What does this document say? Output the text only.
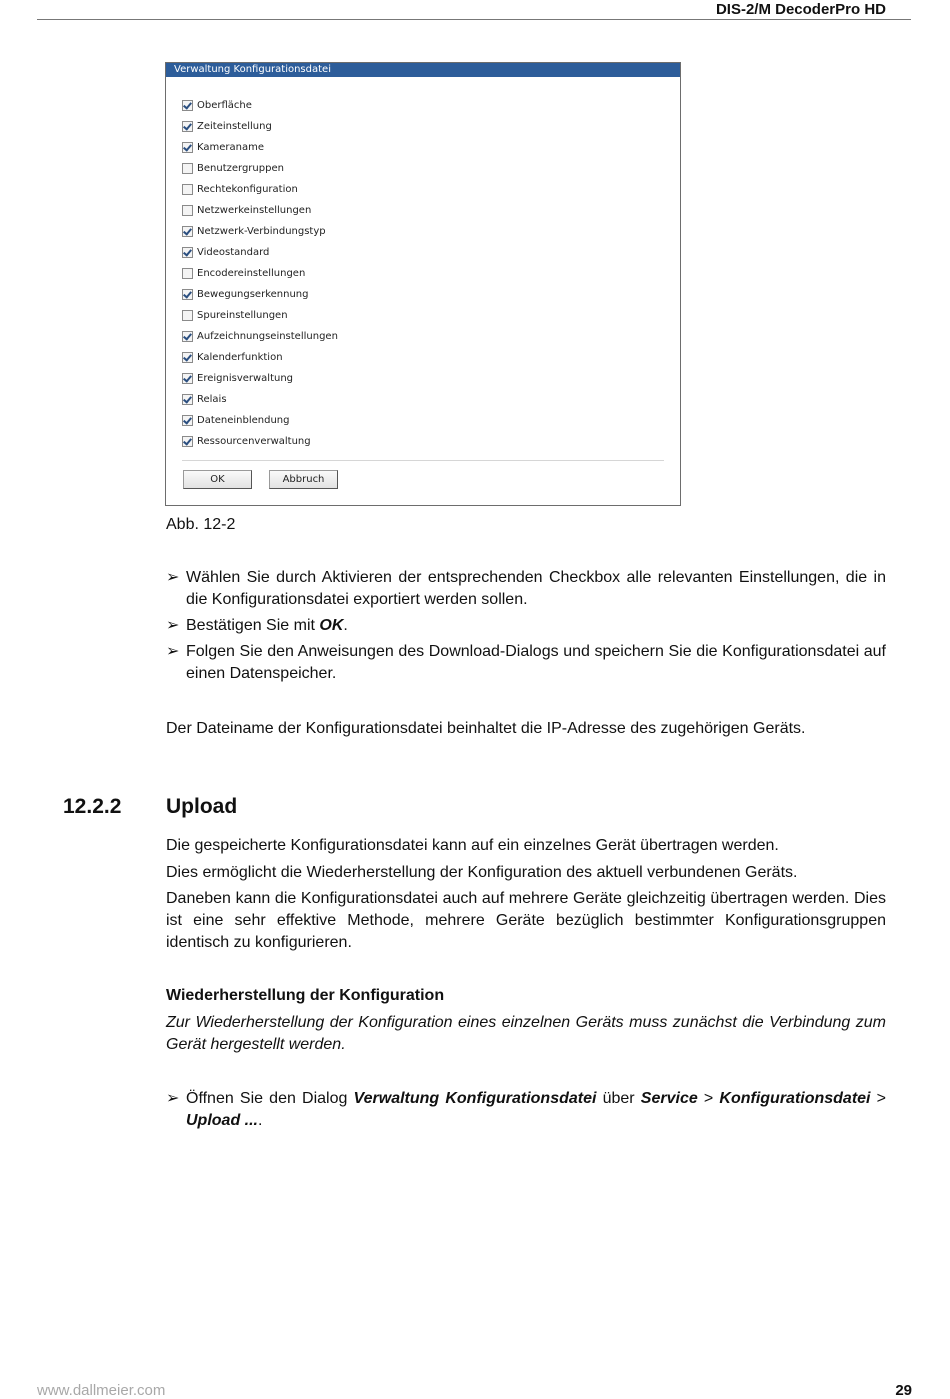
DIS-2/M DecoderPro HD
Verwaltung Konfigurationsdatei
Oberfläche
Zeiteinstellung
Kameraname
Benutzergruppen
Rechtekonfiguration
Netzwerkeinstellungen
Netzwerk-Verbindungstyp
Videostandard
Encodereinstellungen
Bewegungserkennung
Spureinstellungen
Aufzeichnungseinstellungen
Kalenderfunktion
Ereignisverwaltung
Relais
Dateneinblendung
Ressourcenverwaltung
OK	Abbruch
Abb. 12-2
➢ Wählen Sie durch Aktivieren der entsprechenden Checkbox alle relevanten Einstellungen, die in die Konfigurationsdatei exportiert werden sollen.
➢ Bestätigen Sie mit OK.
➢ Folgen Sie den Anweisungen des Download-Dialogs und speichern Sie die Konfigurationsdatei auf einen Datenspeicher.
Der Dateiname der Konfigurationsdatei beinhaltet die IP-Adresse des zugehörigen Geräts.
12.2.2 Upload
Die gespeicherte Konfigurationsdatei kann auf ein einzelnes Gerät übertragen werden.
Dies ermöglicht die Wiederherstellung der Konfiguration des aktuell verbundenen Geräts.
Daneben kann die Konfigurationsdatei auch auf mehrere Geräte gleichzeitig übertragen werden. Dies ist eine sehr effektive Methode, mehrere Geräte bezüglich bestimmter Konfigurationsgruppen identisch zu konfigurieren.
Wiederherstellung der Konfiguration
Zur Wiederherstellung der Konfiguration eines einzelnen Geräts muss zunächst die Verbindung zum Gerät hergestellt werden.
➢ Öffnen Sie den Dialog Verwaltung Konfigurationsdatei über Service > Konfigurationsdatei > Upload ....
www.dallmeier.com	29
